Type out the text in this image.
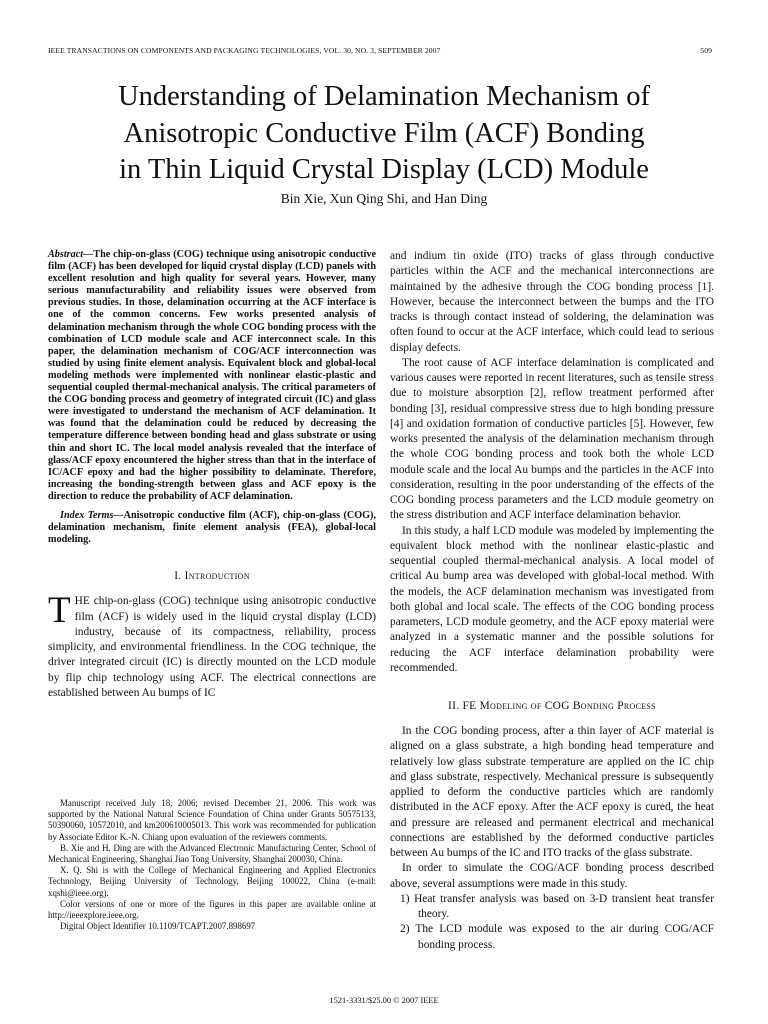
IEEE TRANSACTIONS ON COMPONENTS AND PACKAGING TECHNOLOGIES, VOL. 30, NO. 3, SEPTEMBER 2007	509
Understanding of Delamination Mechanism of
Anisotropic Conductive Film (ACF) Bonding
in Thin Liquid Crystal Display (LCD) Module
Bin Xie, Xun Qing Shi, and Han Ding

Abstract—The chip-on-glass (COG) technique using anisotropic conductive film (ACF) has been developed for liquid crystal display (LCD) panels with excellent resolution and high quality for several years. However, many serious manufacturability and reliability issues were observed from previous studies. In those, delamination occurring at the ACF interface is one of the common concerns. Few works presented analysis of delamination mechanism through the whole COG bonding process with the combination of LCD module scale and ACF interconnect scale. In this paper, the delamination mechanism of COG/ACF interconnection was studied by using finite element analysis. Equivalent block and global-local modeling methods were implemented with nonlinear elastic-plastic and sequential coupled thermal-mechanical analysis. The critical parameters of the COG bonding process and geometry of integrated circuit (IC) and glass were investigated to understand the mechanism of ACF delamination. It was found that the delamination could be reduced by decreasing the temperature difference between bonding head and glass substrate or using thin and short IC. The local model analysis revealed that the interface of glass/ACF epoxy encountered the higher stress than that in the interface of IC/ACF epoxy and had the higher possibility to delaminate. Therefore, increasing the bonding-strength between glass and ACF epoxy is the direction to reduce the probability of ACF delamination.

Index Terms—Anisotropic conductive film (ACF), chip-on-glass (COG), delamination mechanism, finite element analysis (FEA), global-local modeling.

I. Introduction

THE chip-on-glass (COG) technique using anisotropic conductive film (ACF) is widely used in the liquid crystal display (LCD) industry, because of its compactness, reliability, process simplicity, and environmental friendliness. In the COG technique, the driver integrated circuit (IC) is directly mounted on the LCD module by flip chip technology using ACF. The electrical connections are established between Au bumps of IC

Manuscript received July 18, 2006; revised December 21, 2006. This work was supported by the National Natural Science Foundation of China under Grants 50575133, 50390060, 10572010, and km200610005013. This work was recommended for publication by Associate Editor K.-N. Chiang upon evaluation of the reviewers comments.

B. Xie and H. Ding are with the Advanced Electronic Manufacturing Center, School of Mechanical Engineering, Shanghai Jiao Tong University, Shanghai 200030, China.

X. Q. Shi is with the College of Mechanical Engineering and Applied Electronics Technology, Beijing University of Technology, Beijing 100022, China (e-mail: xqshi@ieee.org).

Color versions of one or more of the figures in this paper are available online at http://ieeexplore.ieee.org.

Digital Object Identifier 10.1109/TCAPT.2007.898697

and indium tin oxide (ITO) tracks of glass through conductive particles within the ACF and the mechanical interconnections are maintained by the adhesive through the COG bonding process [1]. However, because the interconnect between the bumps and the ITO tracks is through contact instead of soldering, the delamination was often found to occur at the ACF interface, which could lead to serious display defects.

The root cause of ACF interface delamination is complicated and various causes were reported in recent literatures, such as tensile stress due to moisture absorption [2], reflow treatment performed after bonding [3], residual compressive stress due to high bonding pressure [4] and oxidation formation of conductive particles [5]. However, few works presented the analysis of the delamination mechanism through the whole COG bonding process and took both the whole LCD module scale and the local Au bumps and the particles in the ACF into consideration, resulting in the poor understanding of the effects of the COG bonding process parameters and the LCD module geometry on the stress distribution and ACF interface delamination behavior.

In this study, a half LCD module was modeled by implementing the equivalent block method with the nonlinear elastic-plastic and sequential coupled thermal-mechanical analysis. A local model of critical Au bump area was developed with global-local method. With the models, the ACF delamination mechanism was investigated from both global and local scale. The effects of the COG bonding process parameters, LCD module geometry, and the ACF epoxy material were analyzed in a systematic manner and the possible solutions for reducing the ACF interface delamination probability were recommended.

II. FE Modeling of COG Bonding Process

In the COG bonding process, after a thin layer of ACF material is aligned on a glass substrate, a high bonding head temperature and relatively low glass substrate temperature are applied on the IC chip and glass substrate, respectively. Mechanical pressure is subsequently applied to deform the conductive particles which are randomly distributed in the ACF epoxy. After the ACF epoxy is cured, the heat and pressure are released and permanent electrical and mechanical connections are established by the deformed conductive particles between Au bumps of the IC and ITO tracks of the glass substrate.

In order to simulate the COG/ACF bonding process described above, several assumptions were made in this study.

1) Heat transfer analysis was based on 3-D transient heat transfer theory.

2) The LCD module was exposed to the air during COG/ACF bonding process.

1521-3331/$25.00 © 2007 IEEE
